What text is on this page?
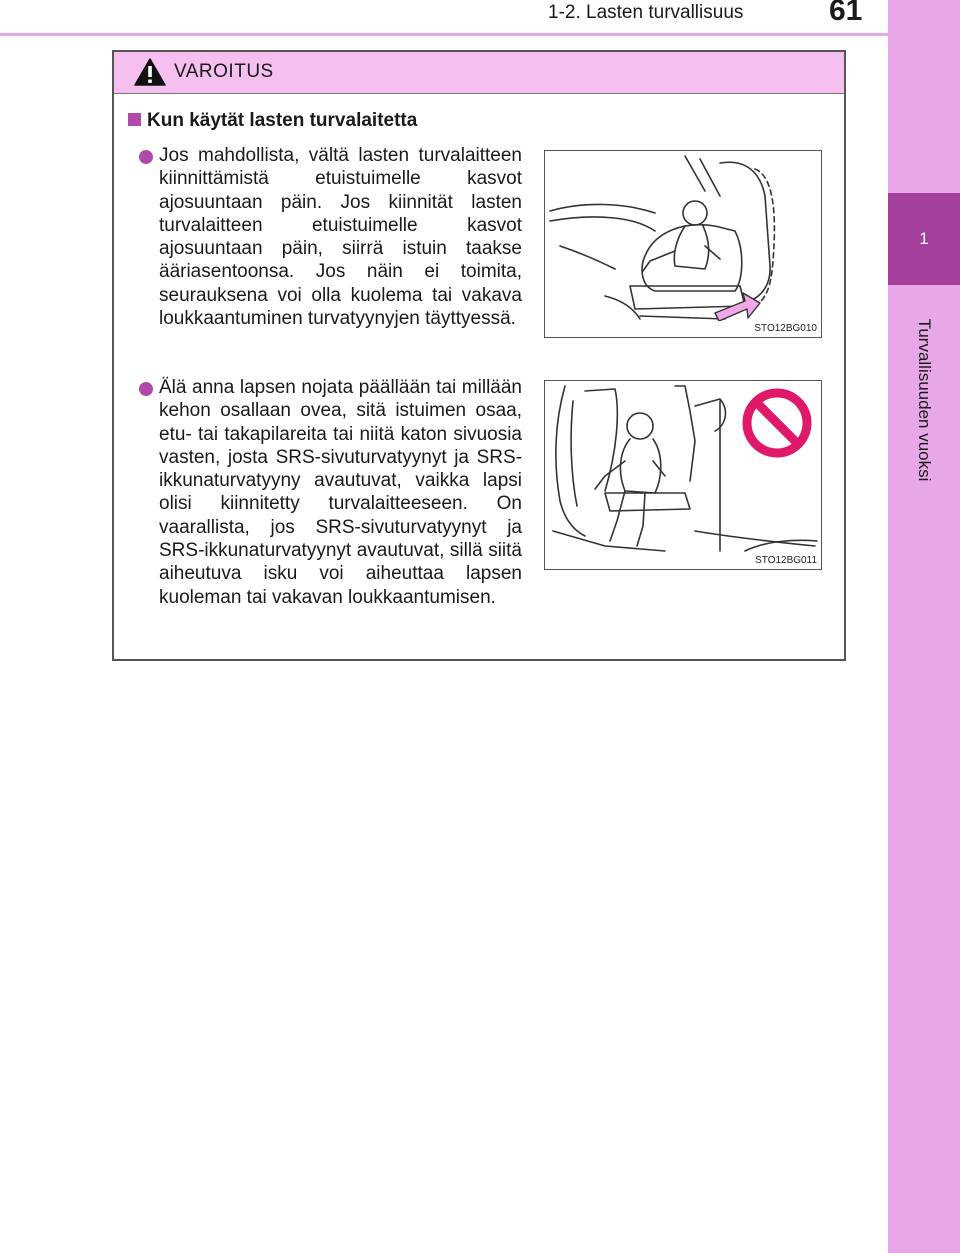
1-2. Lasten turvallisuus	61
1
Turvallisuuden vuoksi
VAROITUS
Kun käytät lasten turvalaitetta
Jos mahdollista, vältä lasten turvalaitteen kiinnittämistä etuistuimelle kasvot ajosuuntaan päin. Jos kiinnität lasten turvalaitteen etuistuimelle kasvot ajosuuntaan päin, siirrä istuin taakse ääriasentoonsa. Jos näin ei toimita, seurauksena voi olla kuolema tai vakava loukkaantuminen turvatyynyjen täyttyessä.	STO12BG010
Älä anna lapsen nojata päällään tai millään kehon osallaan ovea, sitä istuimen osaa, etu- tai takapilareita tai niitä katon sivuosia vasten, josta SRS-sivuturvatyynyt ja SRS-ikkunaturvatyyny avautuvat, vaikka lapsi olisi kiinnitetty turvalaitteeseen. On vaarallista, jos SRS-sivuturvatyynyt ja SRS-ikkunaturvatyynyt avautuvat, sillä siitä aiheutuva isku voi aiheuttaa lapsen kuoleman tai vakavan loukkaantumisen.
STO12BG011
